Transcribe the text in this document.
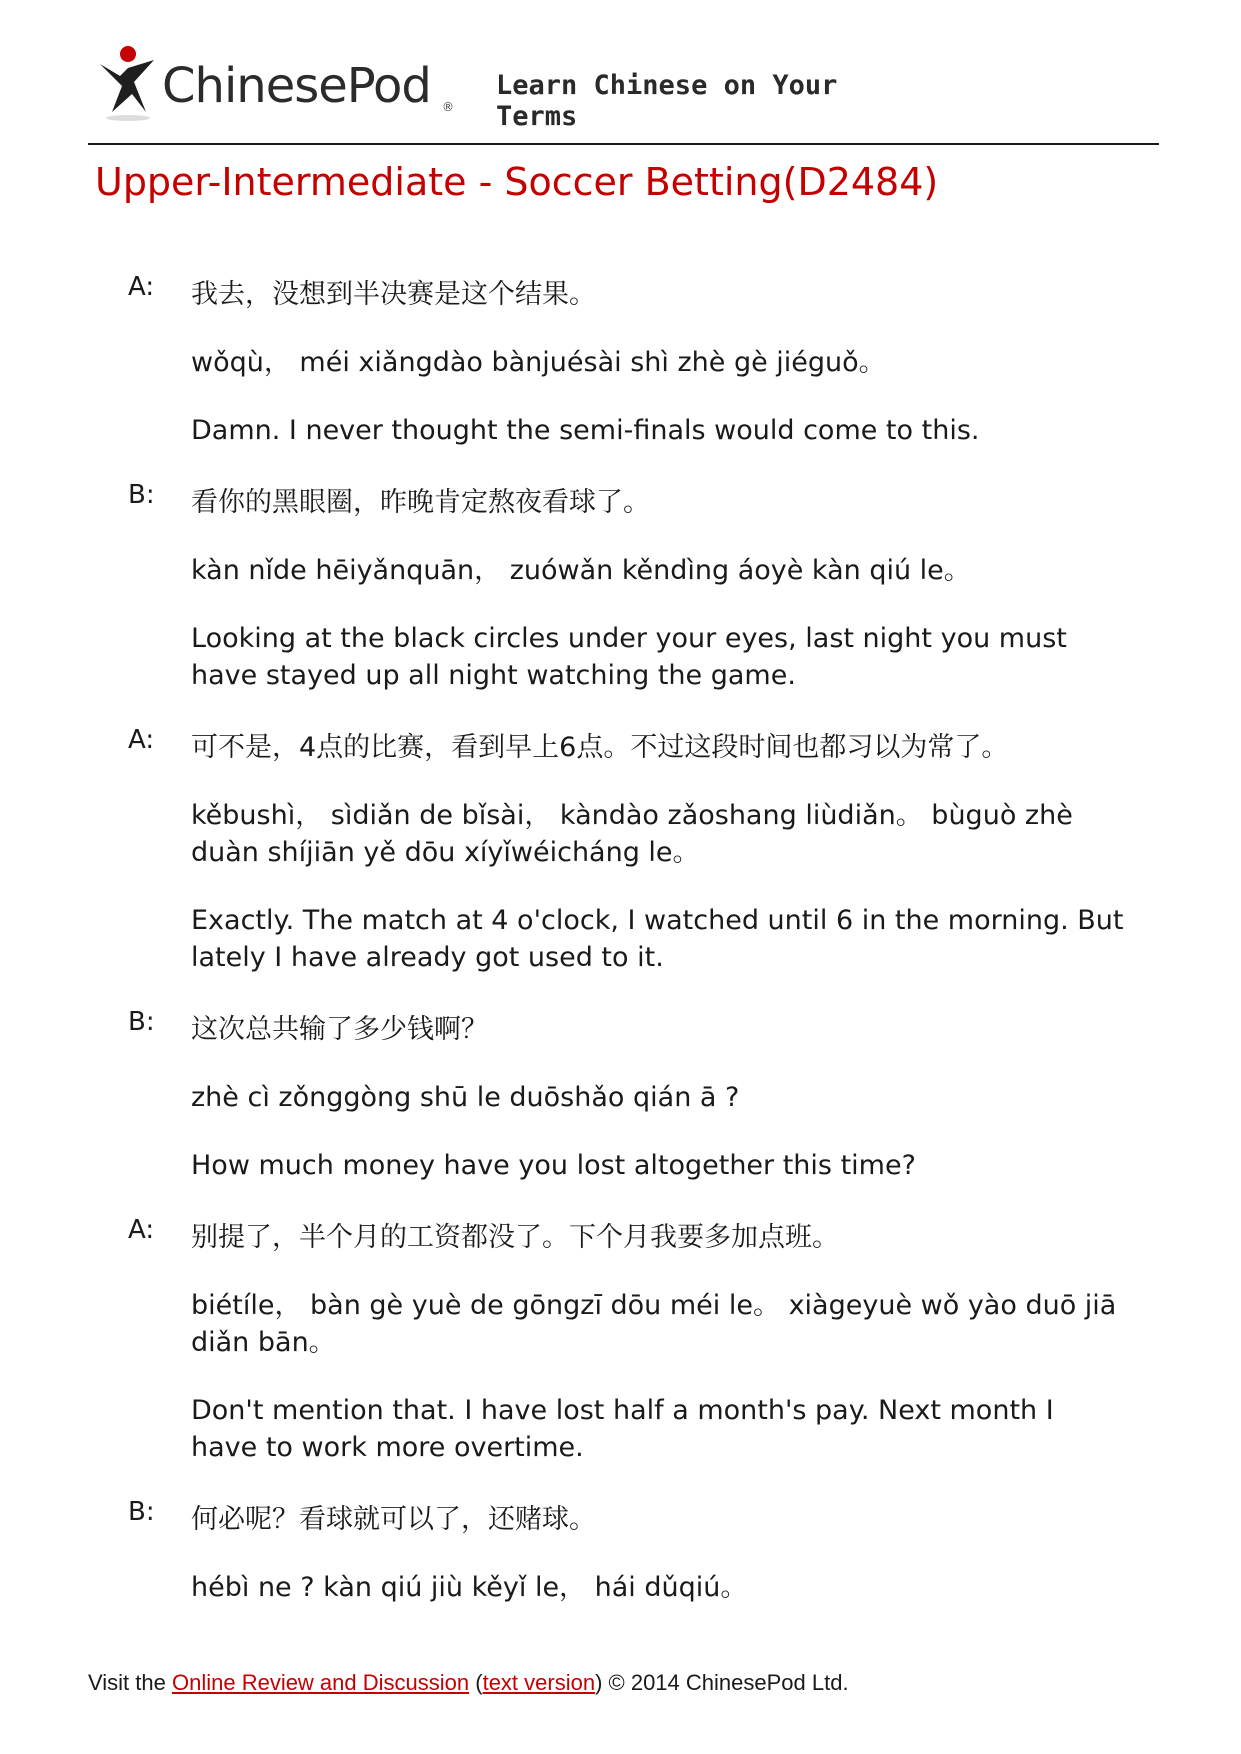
ChinesePod ®
Learn Chinese on Your Terms
Upper-Intermediate - Soccer Betting(D2484)
A: 我去，没想到半决赛是这个结果。

wǒqù， méi xiǎngdào bànjuésài shì zhè gè jiéguǒ。

Damn. I never thought the semi-finals would come to this.

B: 看你的黑眼圈，昨晚肯定熬夜看球了。

kàn nǐde hēiyǎnquān， zuówǎn kěndìng áoyè kàn qiú le。

Looking at the black circles under your eyes, last night you must have stayed up all night watching the game.

A: 可不是，4点的比赛，看到早上6点。不过这段时间也都习以为常了。

kěbushì， sìdiǎn de bǐsài， kàndào zǎoshang liùdiǎn。 bùguò zhè duàn shíjiān yě dōu xíyǐwéicháng le。

Exactly. The match at 4 o'clock, I watched until 6 in the morning. But lately I have already got used to it.

B: 这次总共输了多少钱啊？

zhè cì zǒnggòng shū le duōshǎo qián ā ?

How much money have you lost altogether this time?

A: 别提了，半个月的工资都没了。下个月我要多加点班。

biétíle， bàn gè yuè de gōngzī dōu méi le。 xiàgeyuè wǒ yào duō jiā diǎn bān。

Don't mention that. I have lost half a month's pay. Next month I have to work more overtime.

B: 何必呢？看球就可以了，还赌球。

hébì ne ? kàn qiú jiù kěyǐ le， hái dǔqiú。

Visit the Online Review and Discussion (text version) © 2014 ChinesePod Ltd.
